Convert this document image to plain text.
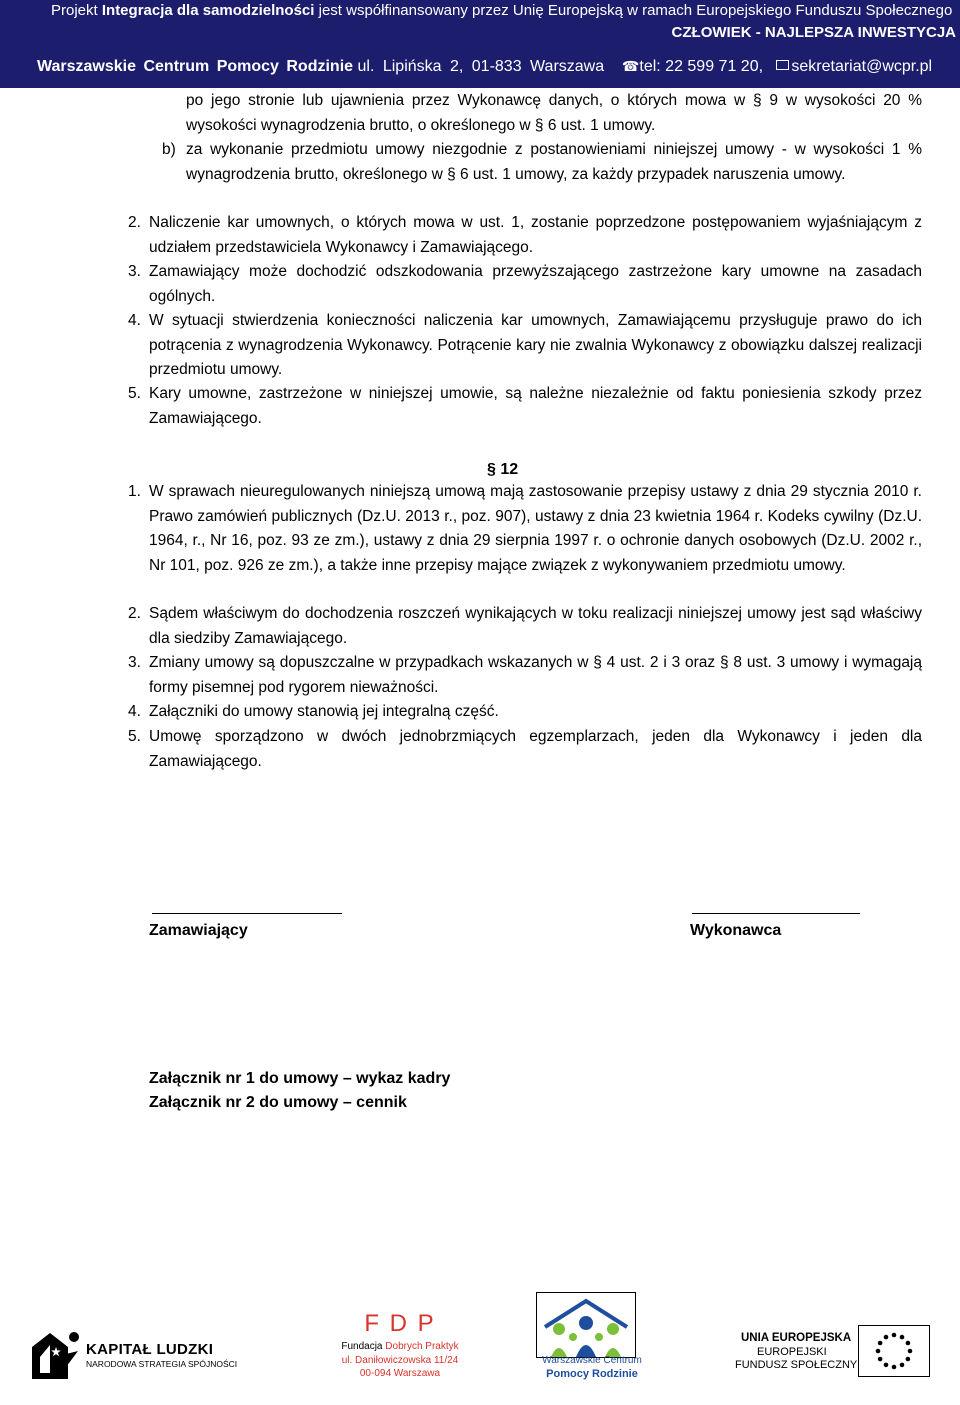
Projekt Integracja dla samodzielności jest współfinansowany przez Unię Europejską w ramach Europejskiego Funduszu Społecznego
CZŁOWIEK - NAJLEPSZA INWESTYCJA
Warszawskie Centrum Pomocy Rodzinie ul. Lipińska 2, 01-833 Warszawa ☎tel: 22 599 71 20, sekretariat@wcpr.pl
po jego stronie lub ujawnienia przez Wykonawcę danych, o których mowa w § 9 w wysokości 20 % wysokości wynagrodzenia brutto, o określonego w § 6 ust. 1 umowy.
b) za wykonanie przedmiotu umowy niezgodnie z postanowieniami niniejszej umowy - w wysokości 1 % wynagrodzenia brutto, określonego w § 6 ust. 1 umowy, za każdy przypadek naruszenia umowy.
2. Naliczenie kar umownych, o których mowa w ust. 1, zostanie poprzedzone postępowaniem wyjaśniającym z udziałem przedstawiciela Wykonawcy i Zamawiającego.
3. Zamawiający może dochodzić odszkodowania przewyższającego zastrzeżone kary umowne na zasadach ogólnych.
4. W sytuacji stwierdzenia konieczności naliczenia kar umownych, Zamawiającemu przysługuje prawo do ich potrącenia z wynagrodzenia Wykonawcy. Potrącenie kary nie zwalnia Wykonawcy z obowiązku dalszej realizacji przedmiotu umowy.
5. Kary umowne, zastrzeżone w niniejszej umowie, są należne niezależnie od faktu poniesienia szkody przez Zamawiającego.
§ 12
1. W sprawach nieuregulowanych niniejszą umową mają zastosowanie przepisy ustawy z dnia 29 stycznia 2010 r. Prawo zamówień publicznych (Dz.U. 2013 r., poz. 907), ustawy z dnia 23 kwietnia 1964 r. Kodeks cywilny (Dz.U. 1964, r., Nr 16, poz. 93 ze zm.), ustawy z dnia 29 sierpnia 1997 r. o ochronie danych osobowych (Dz.U. 2002 r., Nr 101, poz. 926 ze zm.), a także inne przepisy mające związek z wykonywaniem przedmiotu umowy.
2. Sądem właściwym do dochodzenia roszczeń wynikających w toku realizacji niniejszej umowy jest sąd właściwy dla siedziby Zamawiającego.
3. Zmiany umowy są dopuszczalne w przypadkach wskazanych w § 4 ust. 2 i 3 oraz § 8 ust. 3 umowy i wymagają formy pisemnej pod rygorem nieważności.
4. Załączniki do umowy stanowią jej integralną część.
5. Umowę sporządzono w dwóch jednobrzmiących egzemplarzach, jeden dla Wykonawcy i jeden dla Zamawiającego.
Zamawiający	Wykonawca
Załącznik nr 1 do umowy – wykaz kadry
Załącznik nr 2 do umowy – cennik
KAPITAŁ LUDZKI
NARODOWA STRATEGIA SPÓJNOŚCI
F D P
Fundacja Dobrych Praktyk
ul. Daniłowiczowska 11/24
00-094 Warszawa
Warszawskie Centrum
Pomocy Rodzinie
UNIA EUROPEJSKA
EUROPEJSKI
FUNDUSZ SPOŁECZNY
